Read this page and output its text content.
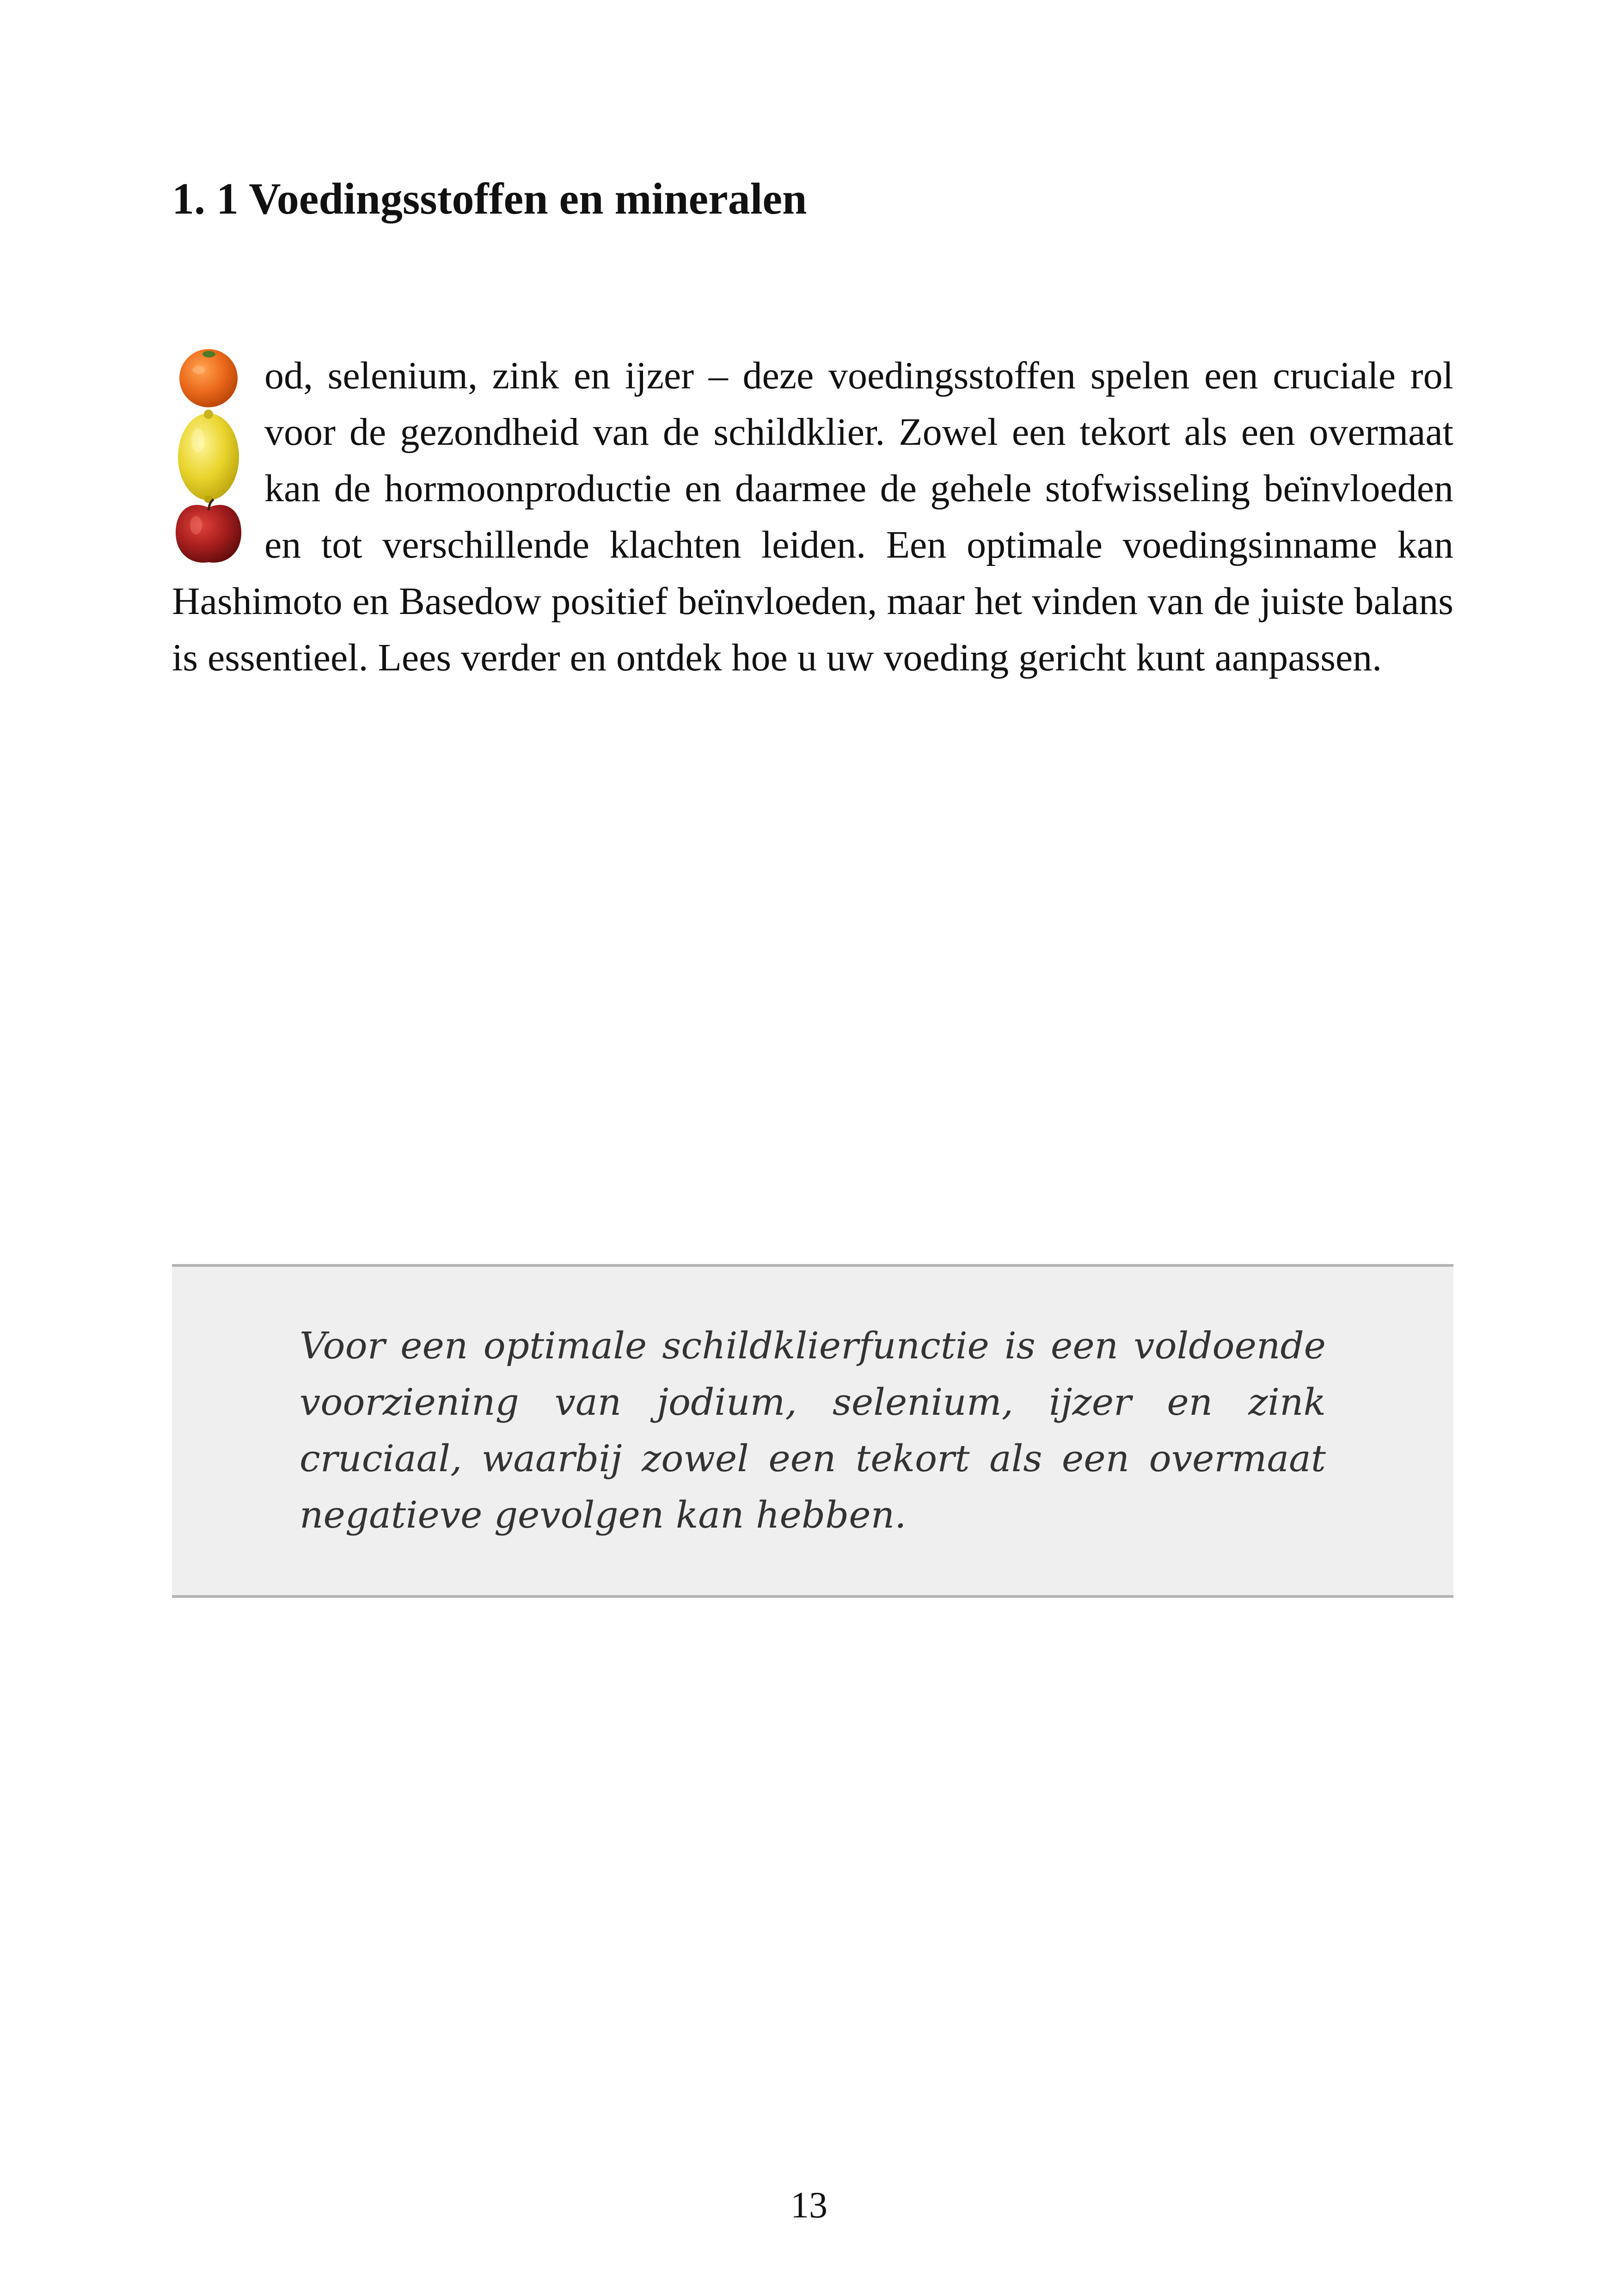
1. 1 Voedingsstoffen en mineralen
od, selenium, zink en ijzer – deze voedingsstoffen spelen een cruciale rol voor de gezondheid van de schildklier. Zowel een tekort als een overmaat kan de hormoonproductie en daarmee de gehele stofwisseling beïnvloeden en tot verschillende klachten leiden. Een optimale voedingsinname kan Hashimoto en Basedow positief beïnvloeden, maar het vinden van de juiste balans is essentieel. Lees verder en ontdek hoe u uw voeding gericht kunt aanpassen.

Voor een optimale schildklierfunctie is een voldoende voorziening van jodium, selenium, ijzer en zink cruciaal, waarbij zowel een tekort als een overmaat negatieve gevolgen kan hebben.

13
